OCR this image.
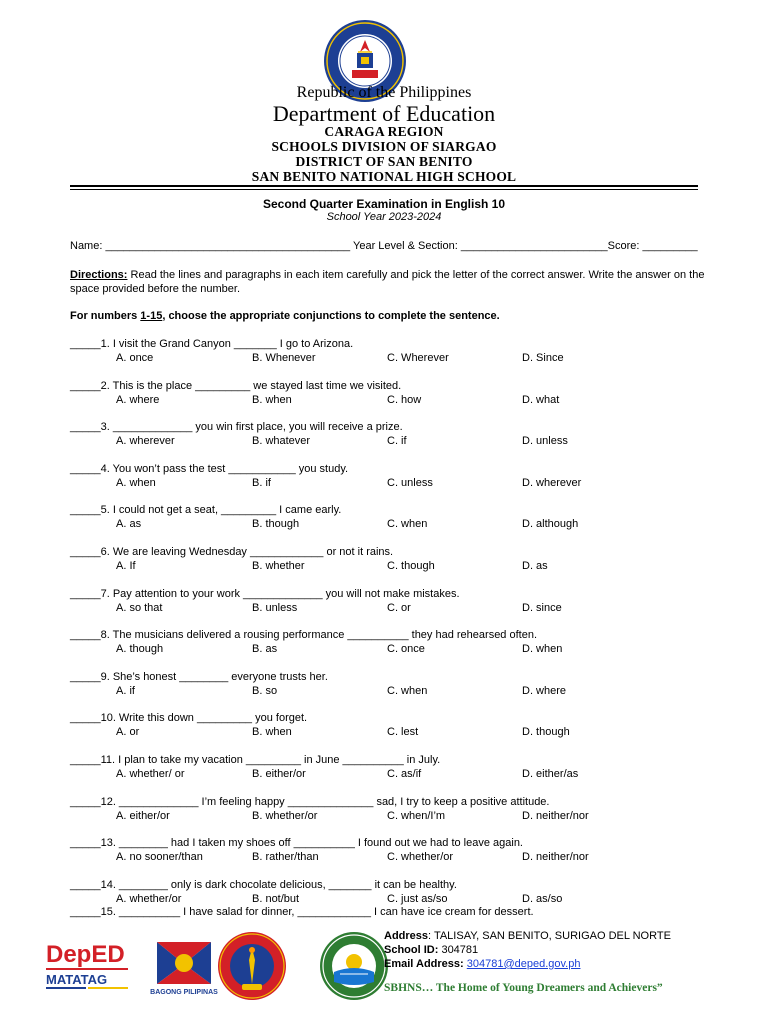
Republic of the Philippines
Department of Education
CARAGA REGION
SCHOOLS DIVISION OF SIARGAO
DISTRICT OF SAN BENITO
SAN BENITO NATIONAL HIGH SCHOOL
Second Quarter Examination in English 10
School Year 2023-2024
Name: ________________________________________ Year Level & Section: ________________________Score: _________
Directions: Read the lines and paragraphs in each item carefully and pick the letter of the correct answer. Write the answer on the space provided before the number.
For numbers 1-15, choose the appropriate conjunctions to complete the sentence.
_____1. I visit the Grand Canyon _______ I go to Arizona.
A. once	B. Whenever	C. Wherever	D. Since
_____2. This is the place _________ we stayed last time we visited.
A. where	B. when	C. how	D. what
_____3. _____________ you win first place, you will receive a prize.
A. wherever	B. whatever	C. if	D. unless
_____4. You won’t pass the test ___________ you study.
A. when	B. if	C. unless	D. wherever
_____5. I could not get a seat, _________ I came early.
A. as	B. though	C. when	D. although
_____6. We are leaving Wednesday ____________ or not it rains.
A. If	B. whether	C. though	D. as
_____7. Pay attention to your work _____________ you will not make mistakes.
A. so that	B. unless	C. or	D. since
_____8. The musicians delivered a rousing performance __________ they had rehearsed often.
A. though	B. as	C. once	D. when
_____9. She’s honest ________ everyone trusts her.
A. if	B. so	C. when	D. where
_____10. Write this down _________ you forget.
A. or	B. when	C. lest	D. though
_____11. I plan to take my vacation _________ in June __________ in July.
A. whether/ or	B. either/or	C. as/if	D. either/as
_____12. _____________ I’m feeling happy ______________ sad, I try to keep a positive attitude.
A. either/or	B. whether/or	C. when/I’m	D. neither/nor
_____13. ________ had I taken my shoes off __________ I found out we had to leave again.
A. no sooner/than	B. rather/than	C. whether/or	D. neither/nor
_____14. ________ only is dark chocolate delicious, _______ it can be healthy.
A. whether/or	B. not/but	C. just as/so	D. as/so
_____15. __________ I have salad for dinner, ____________ I can have ice cream for dessert.
DepED
MATATAG
BAGONG PILIPINAS
Address: TALISAY, SAN BENITO, SURIGAO DEL NORTE
School ID: 304781
Email Address: 304781@deped.gov.ph
SBHNS… The Home of Young Dreamers and Achievers”
